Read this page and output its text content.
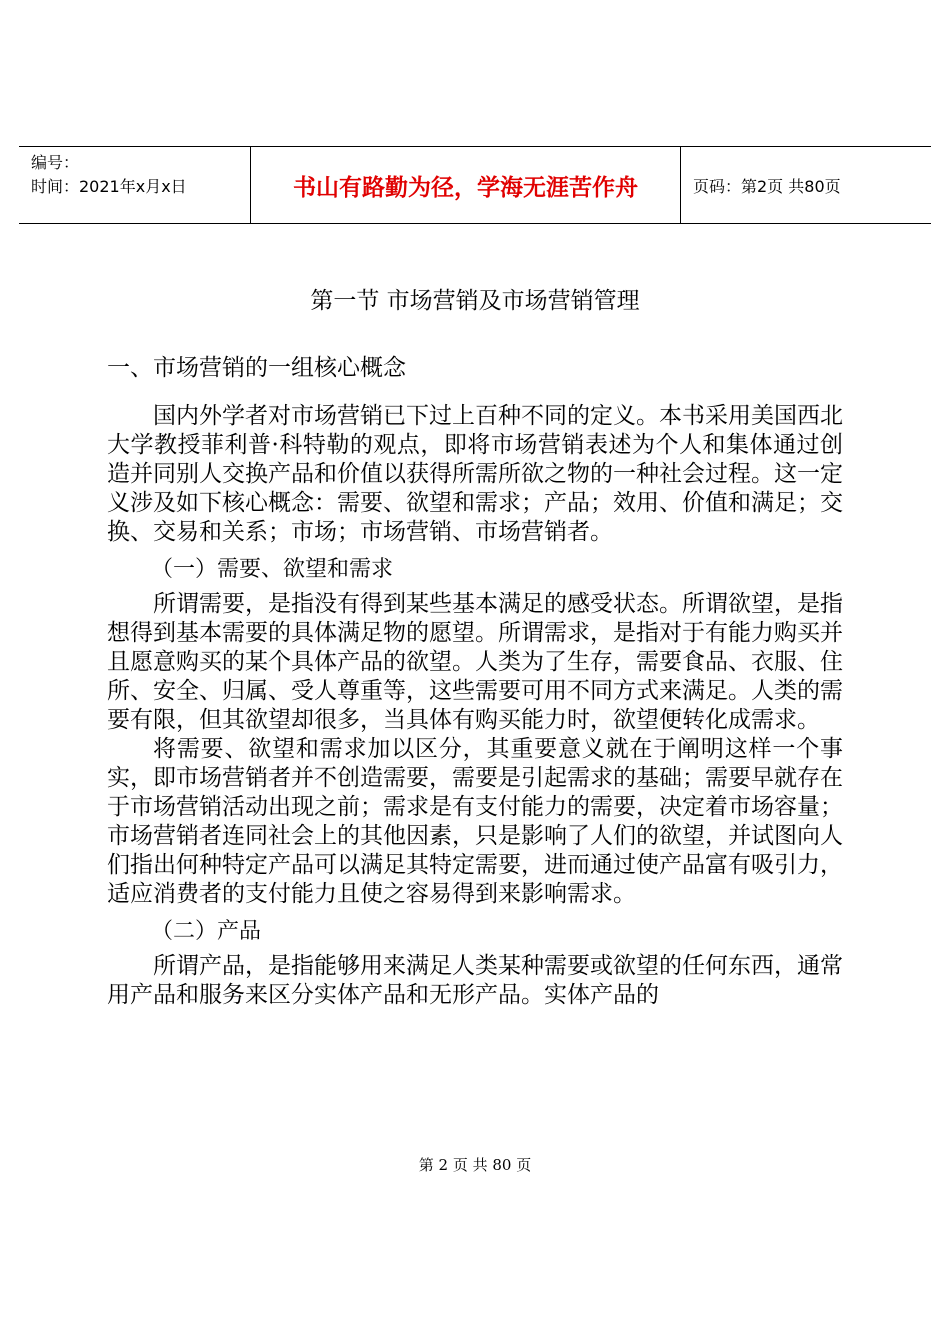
编号：
时间：2021年x月x日	书山有路勤为径，学海无涯苦作舟	页码：第2页 共80页
第一节 市场营销及市场营销管理
一、市场营销的一组核心概念

国内外学者对市场营销已下过上百种不同的定义。本书采用美国西北大学教授菲利普·科特勒的观点，即将市场营销表述为个人和集体通过创造并同别人交换产品和价值以获得所需所欲之物的一种社会过程。这一定义涉及如下核心概念：需要、欲望和需求；产品；效用、价值和满足；交换、交易和关系；市场；市场营销、市场营销者。

（一）需要、欲望和需求

所谓需要，是指没有得到某些基本满足的感受状态。所谓欲望，是指想得到基本需要的具体满足物的愿望。所谓需求，是指对于有能力购买并且愿意购买的某个具体产品的欲望。人类为了生存，需要食品、衣服、住所、安全、归属、受人尊重等，这些需要可用不同方式来满足。人类的需要有限，但其欲望却很多，当具体有购买能力时，欲望便转化成需求。

将需要、欲望和需求加以区分，其重要意义就在于阐明这样一个事实，即市场营销者并不创造需要，需要是引起需求的基础；需要早就存在于市场营销活动出现之前；需求是有支付能力的需要，决定着市场容量；市场营销者连同社会上的其他因素，只是影响了人们的欲望，并试图向人们指出何种特定产品可以满足其特定需要，进而通过使产品富有吸引力，适应消费者的支付能力且使之容易得到来影响需求。

（二）产品

所谓产品，是指能够用来满足人类某种需要或欲望的任何东西，通常用产品和服务来区分实体产品和无形产品。实体产品的

第 2 页 共 80 页
